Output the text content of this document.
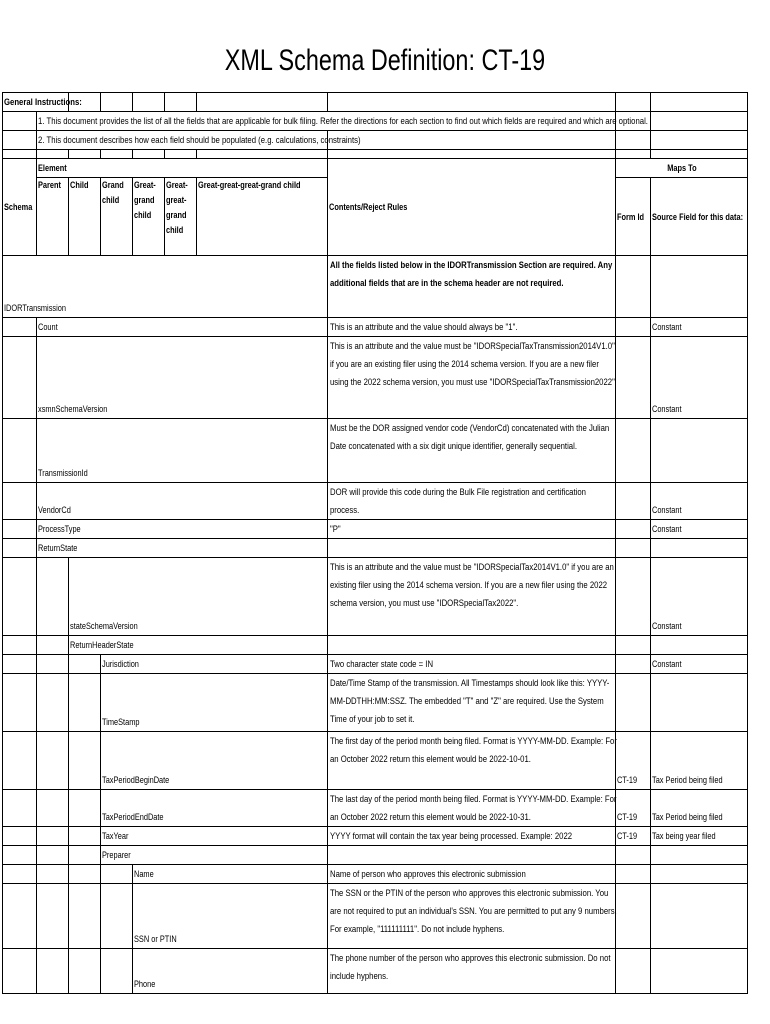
XML Schema Definition: CT-19
General Instructions:									
	1. This document provides the list of all the fields that are applicable for bulk filing. Refer the directions for each section to find out which fields are required and which are optional.								
	2. This document describes how each field should be populated (e.g. calculations, constraints)								

Schema	Element						Contents/Reject Rules	Maps To	
	Parent	Child	Grand child	Great- grand child	Great- great- grand child	Great-great-great-grand child		Form Id	Source Field for this data:
IDORTransmission							All the fields listed below in the IDORTransmission Section are required. Any additional fields that are in the schema header are not required.		

	Count						This is an attribute and the value should always be "1".		Constant
	xsmnSchemaVersion						This is an attribute and the value must be "IDORSpecialTaxTransmission2014V1.0" if you are an existing filer using the 2014 schema version. If you are a new filer using the 2022 schema version, you must use "IDORSpecialTaxTransmission2022"		Constant
	TransmissionId						Must be the DOR assigned vendor code (VendorCd) concatenated with the Julian Date concatenated with a six digit unique identifier, generally sequential.		

	VendorCd						DOR will provide this code during the Bulk File registration and certification process.		Constant
	ProcessType						"P"		Constant
	ReturnState						

		stateSchemaVersion					This is an attribute and the value must be "IDORSpecialTax2014V1.0" if you are an existing filer using the 2014 schema version. If you are a new filer using the 2022 schema version, you must use "IDORSpecialTax2022".		Constant
		ReturnHeaderState					

			Jurisdiction				Two character state code = IN		Constant
			TimeStamp				Date/Time Stamp of the transmission. All Timestamps should look like this: YYYY-MM-DDTHH:MM:SSZ. The embedded "T" and "Z" are required. Use the System Time of your job to set it.		

			TaxPeriodBeginDate				The first day of the period month being filed. Format is YYYY-MM-DD. Example: For an October 2022 return this element would be 2022-10-01.	CT-19	Tax Period being filed
			TaxPeriodEndDate				The last day of the period month being filed. Format is YYYY-MM-DD. Example: For an October 2022 return this element would be 2022-10-31.	CT-19	Tax Period being filed
			TaxYear				YYYY format will contain the tax year being processed. Example: 2022	CT-19	Tax being year filed
			Preparer				

				Name			Name of person who approves this electronic submission		

				SSN or PTIN			The SSN or the PTIN of the person who approves this electronic submission. You are not required to put an individual's SSN. You are permitted to put any 9 numbers. For example, "111111111". Do not include hyphens.		

				Phone			The phone number of the person who approves this electronic submission. Do not include hyphens.		
